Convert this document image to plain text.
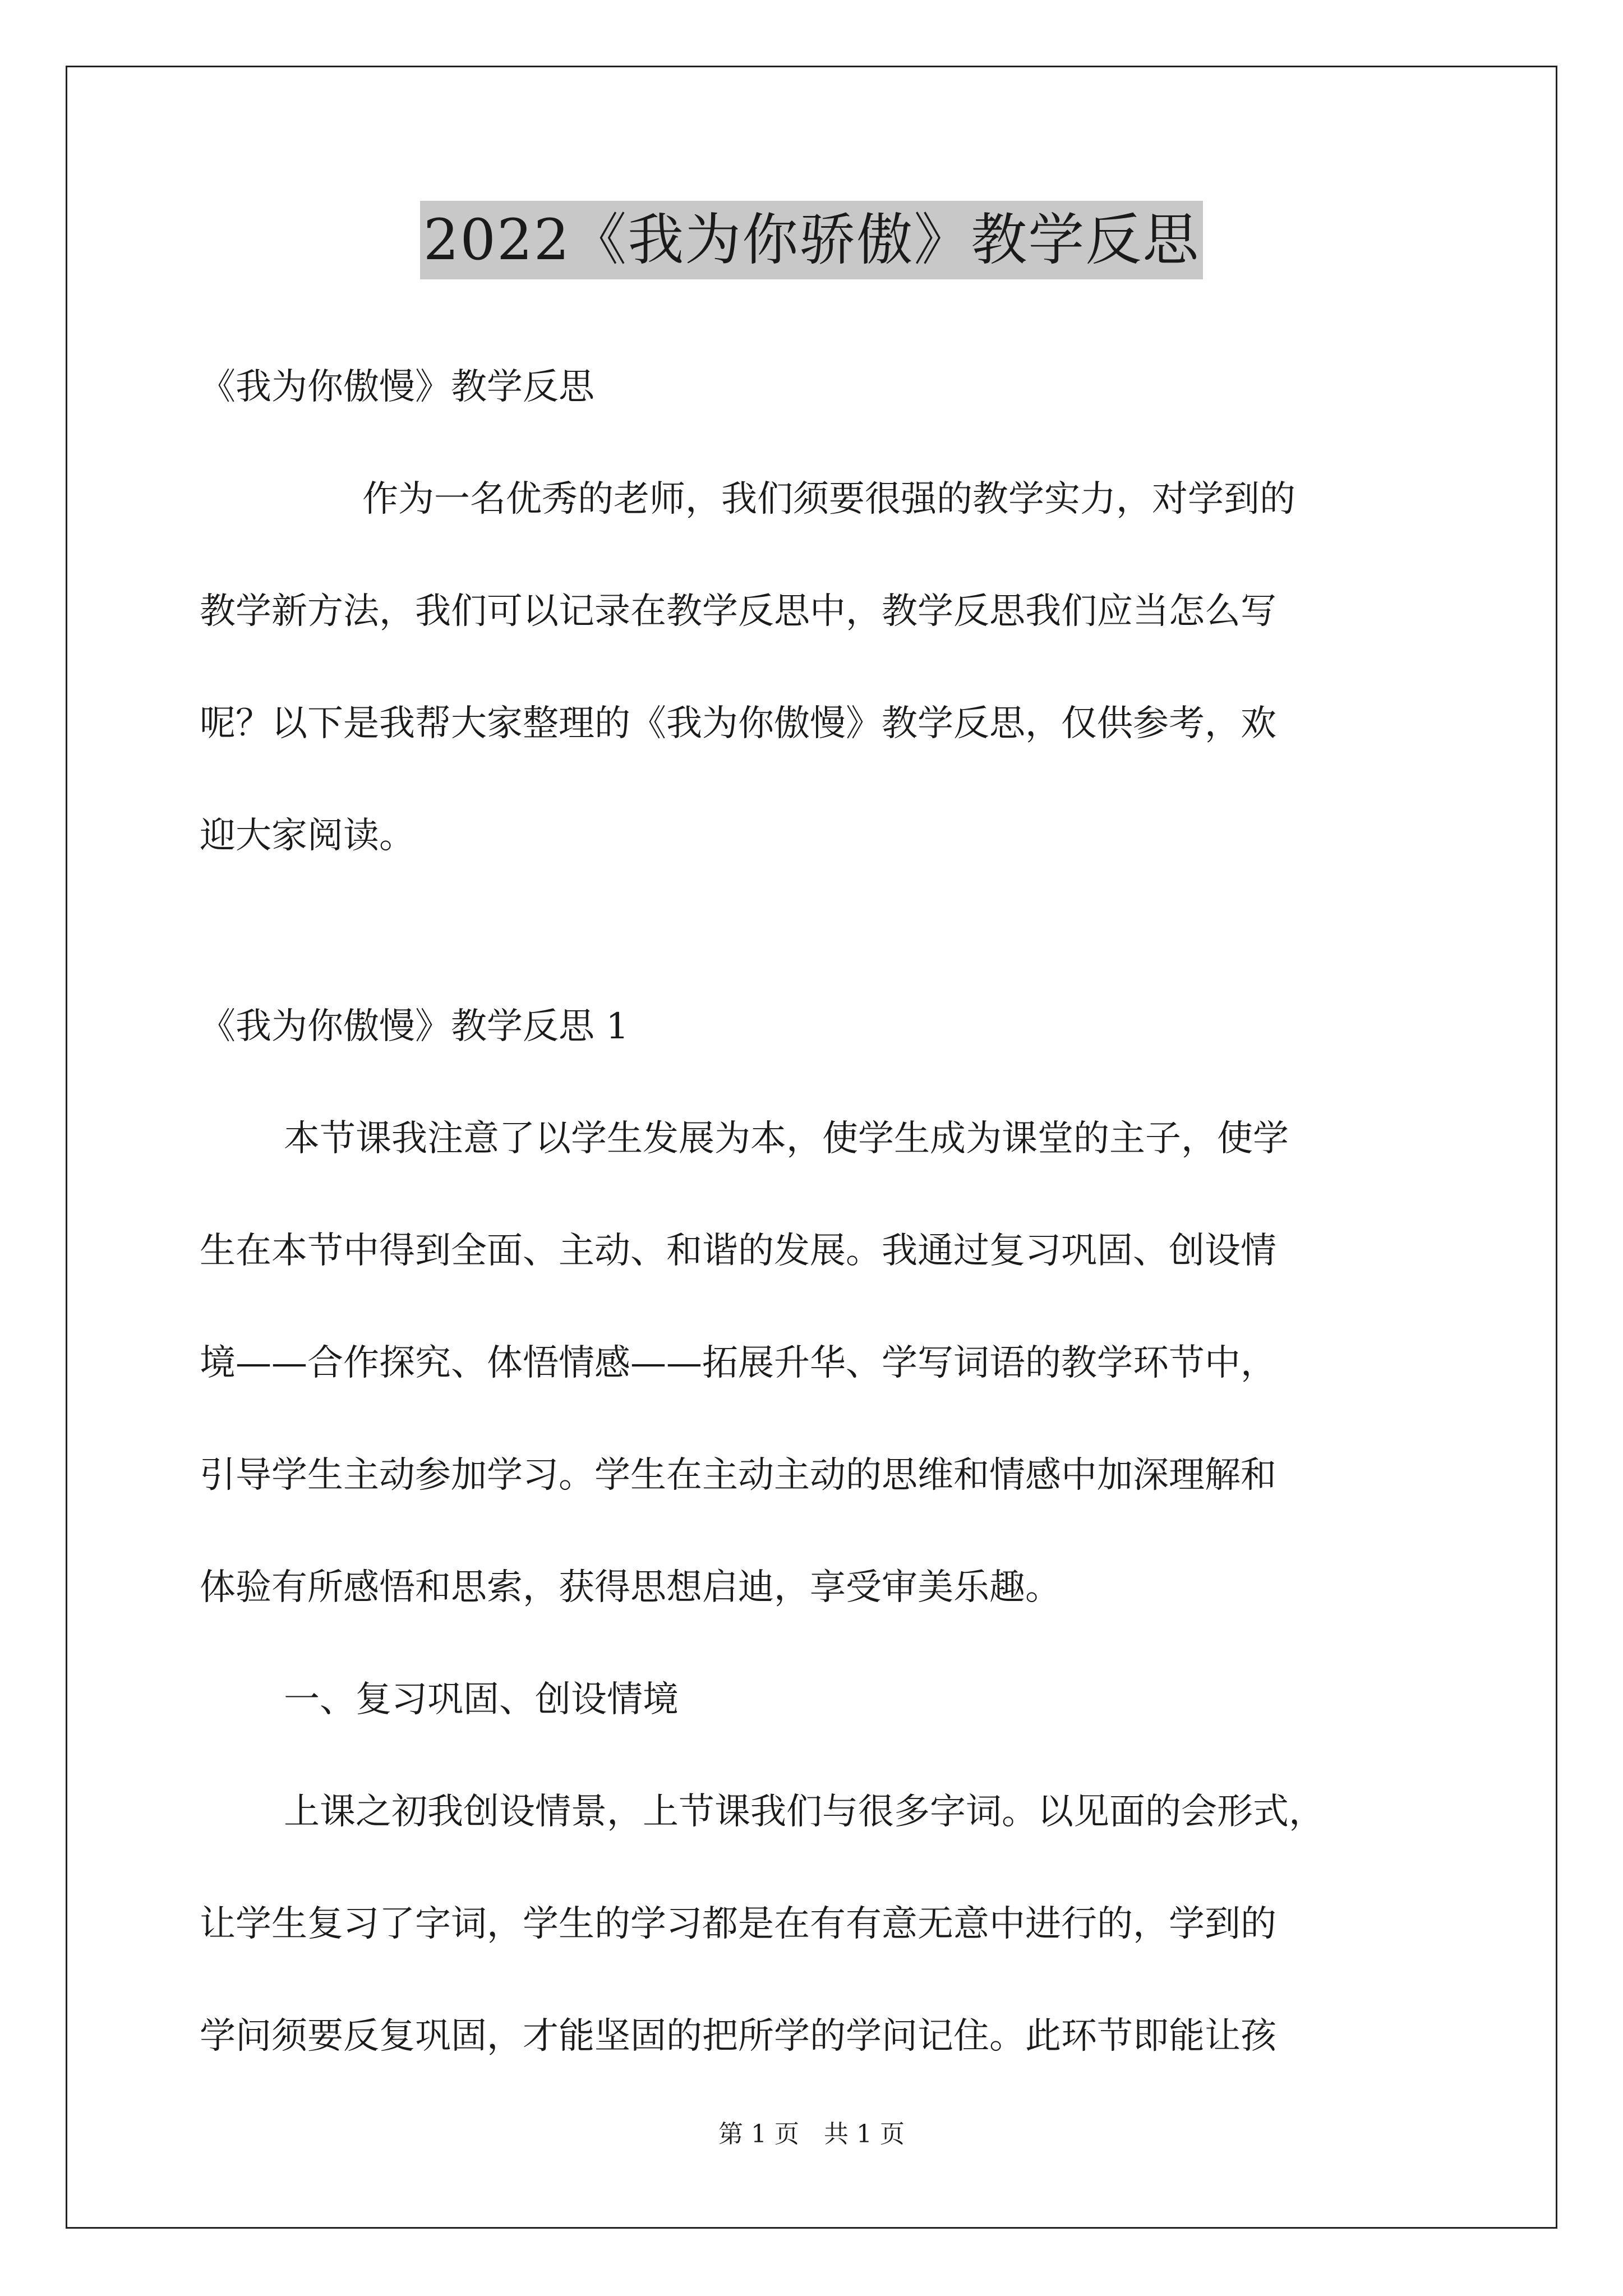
2022《我为你骄傲》教学反思
《我为你傲慢》教学反思
作为一名优秀的老师，我们须要很强的教学实力，对学到的
教学新方法，我们可以记录在教学反思中，教学反思我们应当怎么写
呢？以下是我帮大家整理的《我为你傲慢》教学反思，仅供参考，欢
迎大家阅读。
《我为你傲慢》教学反思 1
本节课我注意了以学生发展为本，使学生成为课堂的主子，使学
生在本节中得到全面、主动、和谐的发展。我通过复习巩固、创设情
境——合作探究、体悟情感——拓展升华、学写词语的教学环节中，
引导学生主动参加学习。学生在主动主动的思维和情感中加深理解和
体验有所感悟和思索，获得思想启迪，享受审美乐趣。
一、复习巩固、创设情境
上课之初我创设情景，上节课我们与很多字词。以见面的会形式，
让学生复习了字词，学生的学习都是在有有意无意中进行的，学到的
学问须要反复巩固，才能坚固的把所学的学问记住。此环节即能让孩
第 1 页　共 1 页
